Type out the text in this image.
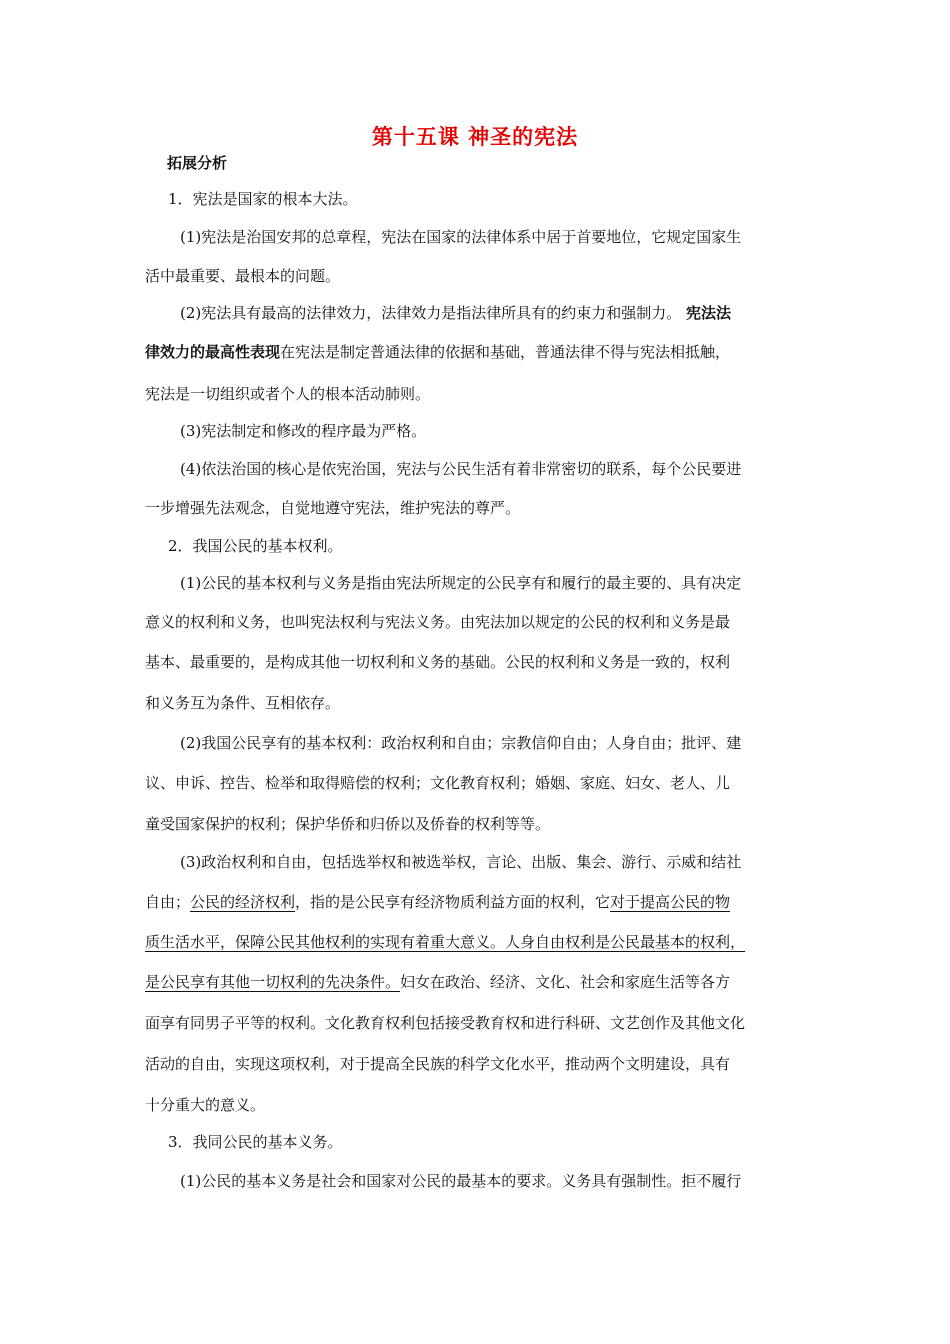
第十五课 神圣的宪法
拓展分析
1．宪法是国家的根本大法。
(1)宪法是治国安邦的总章程，宪法在国家的法律体系中居于首要地位，它规定国家生
活中最重要、最根本的问题。
(2)宪法具有最高的法律效力，法律效力是指法律所具有的约束力和强制力。 宪法法
律效力的最高性表现在宪法是制定普通法律的依据和基础，普通法律不得与宪法相抵触，
宪法是一切组织或者个人的根本活动肺则。
(3)宪法制定和修改的程序最为严格。
(4)依法治国的核心是依宪治国，宪法与公民生活有着非常密切的联系，每个公民要进
一步增强先法观念，自觉地遵守宪法，维护宪法的尊严。
2．我国公民的基本权利。
(1)公民的基本权利与义务是指由宪法所规定的公民享有和履行的最主要的、具有决定
意义的权利和义务，也叫宪法权利与宪法义务。由宪法加以规定的公民的权利和义务是最
基本、最重要的，是构成其他一切权利和义务的基础。公民的权利和义务是一致的，权利
和义务互为条件、互相依存。
(2)我国公民享有的基本权利：政治权利和自由；宗教信仰自由；人身自由；批评、建
议、申诉、控告、检举和取得赔偿的权利；文化教育权利；婚姻、家庭、妇女、老人、儿
童受国家保护的权利；保护华侨和归侨以及侨眷的权利等等。
(3)政治权利和自由，包括选举权和被选举权，言论、出版、集会、游行、示威和结社
自由；公民的经济权利，指的是公民享有经济物质利益方面的权利，它对于提高公民的物
质生活水平，保障公民其他权利的实现有着重大意义。人身自由权利是公民最基本的权利，
是公民享有其他一切权利的先决条件。妇女在政治、经济、文化、社会和家庭生活等各方
面享有同男子平等的权利。文化教育权利包括接受教育权和进行科研、文艺创作及其他文化
活动的自由，实现这项权利，对于提高全民族的科学文化水平，推动两个文明建设，具有
十分重大的意义。
3．我同公民的基本义务。
(1)公民的基本义务是社会和国家对公民的最基本的要求。义务具有强制性。拒不履行
